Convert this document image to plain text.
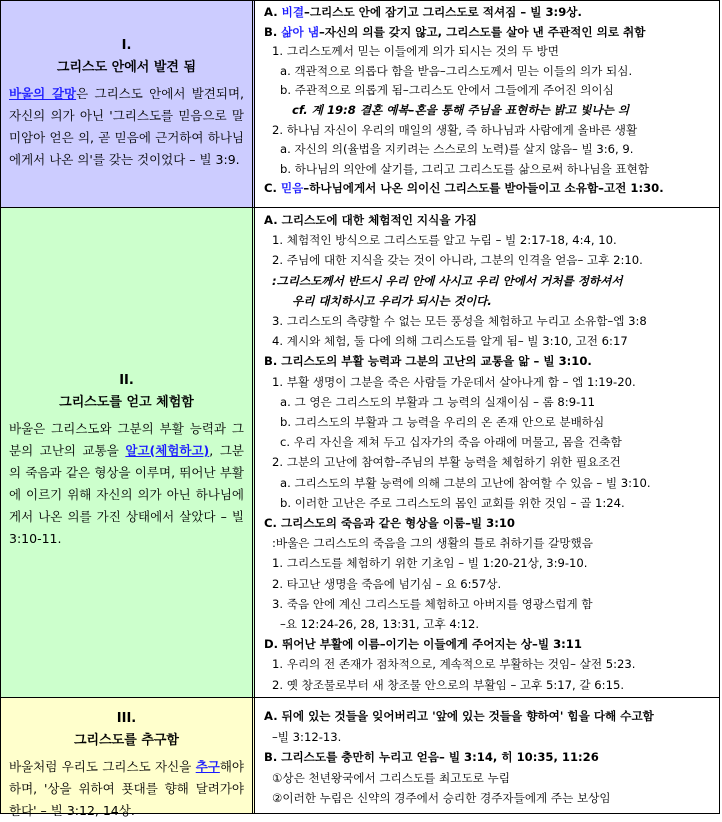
I.
그리스도 안에서 발견 됨
바울의 갈망은 그리스도 안에서 발견되며, 자신의 의가 아닌 '그리스도를 믿음으로 말미암아 얻은 의, 곧 믿음에 근거하여 하나님에게서 나온 의'를 갖는 것이었다 – 빌 3:9.
A. 비결–그리스도 안에 잠기고 그리스도로 적셔짐 – 빌 3:9상.
B. 삶아 냄–자신의 의를 갖지 않고, 그리스도를 살아 낸 주관적인 의로 취함
1. 그리스도께서 믿는 이들에게 의가 되시는 것의 두 방면
a. 객관적으로 의롭다 함을 받음–그리스도께서 믿는 이들의 의가 되심.
b. 주관적으로 의롭게 됨–그리스도 안에서 그들에게 주어진 의이심
cf. 계 19:8 결혼 예복–혼을 통해 주님을 표현하는 밝고 빛나는 의
2. 하나님 자신이 우리의 매일의 생활, 즉 하나님과 사람에게 올바른 생활
a. 자신의 의(율법을 지키려는 스스로의 노력)를 살지 않음– 빌 3:6, 9.
b. 하나님의 의안에 살기를, 그리고 그리스도를 삶으로써 하나님을 표현함
C. 믿음–하나님에게서 나온 의이신 그리스도를 받아들이고 소유함–고전 1:30.
II.
그리스도를 얻고 체험함
바울은 그리스도와 그분의 부활 능력과 그분의 고난의 교통을 알고(체험하고), 그분의 죽음과 같은 형상을 이루며, 뛰어난 부활에 이르기 위해 자신의 의가 아닌 하나님에게서 나온 의를 가진 상태에서 살았다 – 빌 3:10-11.
A. 그리스도에 대한 체험적인 지식을 가짐
1. 체험적인 방식으로 그리스도를 알고 누림 – 빌 2:17-18, 4:4, 10.
2. 주님에 대한 지식을 갖는 것이 아니라, 그분의 인격을 얻음– 고후 2:10.
:그리스도께서 반드시 우리 안에 사시고 우리 안에서 거처를 정하셔서
우리 대치하시고 우리가 되시는 것이다.
3. 그리스도의 측량할 수 없는 모든 풍성을 체험하고 누리고 소유함–엡 3:8
4. 계시와 체험, 둘 다에 의해 그리스도를 알게 됨– 빌 3:10, 고전 6:17
B. 그리스도의 부활 능력과 그분의 고난의 교통을 앎 – 빌 3:10.
1. 부활 생명이 그분을 죽은 사람들 가운데서 살아나게 함 – 엡 1:19-20.
a. 그 영은 그리스도의 부활과 그 능력의 실재이심 – 롬 8:9-11
b. 그리스도의 부활과 그 능력을 우리의 온 존재 안으로 분배하심
c. 우리 자신을 제쳐 두고 십자가의 죽음 아래에 머물고, 몸을 건축함
2. 그분의 고난에 참여함–주님의 부활 능력을 체험하기 위한 필요조건
a. 그리스도의 부활 능력에 의해 그분의 고난에 참여할 수 있음 – 빌 3:10.
b. 이러한 고난은 주로 그리스도의 몸인 교회를 위한 것임 – 골 1:24.
C. 그리스도의 죽음과 같은 형상을 이룸–빌 3:10
:바울은 그리스도의 죽음을 그의 생활의 틀로 취하기를 갈망했음
1. 그리스도를 체험하기 위한 기초임 – 빌 1:20-21상, 3:9-10.
2. 타고난 생명을 죽음에 넘기심 – 요 6:57상.
3. 죽음 안에 계신 그리스도를 체험하고 아버지를 영광스럽게 함
–요 12:24-26, 28, 13:31, 고후 4:12.
D. 뛰어난 부활에 이름–이기는 이들에게 주어지는 상–빌 3:11
1. 우리의 전 존재가 점차적으로, 계속적으로 부활하는 것임– 살전 5:23.
2. 옛 창조물로부터 새 창조물 안으로의 부활임 – 고후 5:17, 갈 6:15.
III.
그리스도를 추구함
바울처럼 우리도 그리스도 자신을 추구해야 하며, '상을 위하여 푯대를 향해 달려가야 한다' – 빌 3:12, 14상.
A. 뒤에 있는 것들을 잊어버리고 '앞에 있는 것들을 향하여' 힘을 다해 수고함
–빌 3:12-13.
B. 그리스도를 충만히 누리고 얻음– 빌 3:14, 히 10:35, 11:26
①상은 천년왕국에서 그리스도를 최고도로 누림
②이러한 누림은 신약의 경주에서 승리한 경주자들에게 주는 보상임
